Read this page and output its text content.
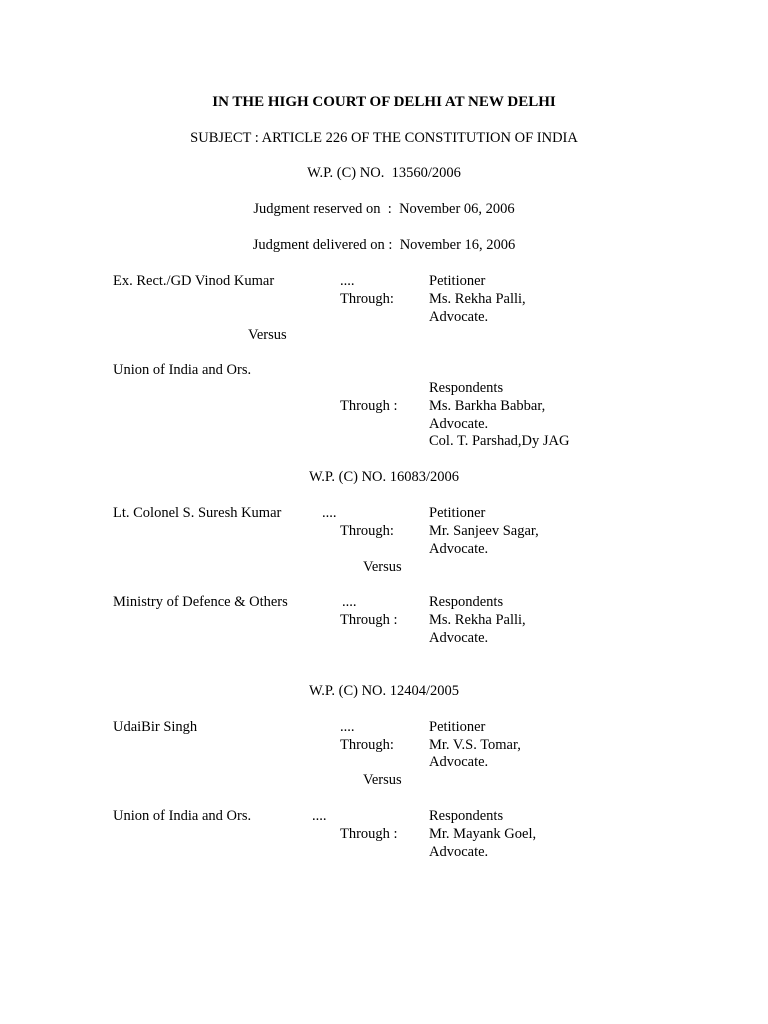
IN THE HIGH COURT OF DELHI AT NEW DELHI
SUBJECT : ARTICLE 226 OF THE CONSTITUTION OF INDIA
W.P. (C) NO.  13560/2006
Judgment reserved on  :  November 06, 2006
Judgment delivered on :  November 16, 2006
Ex. Rect./GD Vinod Kumar	....	Petitioner
Through: Ms. Rekha Palli,
Advocate.
Versus
Union of India and Ors.
Respondents
Through : Ms. Barkha Babbar,
Advocate.
Col. T. Parshad,Dy JAG
W.P. (C) NO. 16083/2006
Lt. Colonel S. Suresh Kumar	....	Petitioner
Through: Mr. Sanjeev Sagar,
Advocate.
Versus
Ministry of Defence & Others	....	Respondents
Through : Ms. Rekha Palli,
Advocate.
W.P. (C) NO. 12404/2005
UdaiBir Singh	....	Petitioner
Through: Mr. V.S. Tomar,
Advocate.
Versus
Union of India and Ors.	....	Respondents
Through : Mr. Mayank Goel,
Advocate.
